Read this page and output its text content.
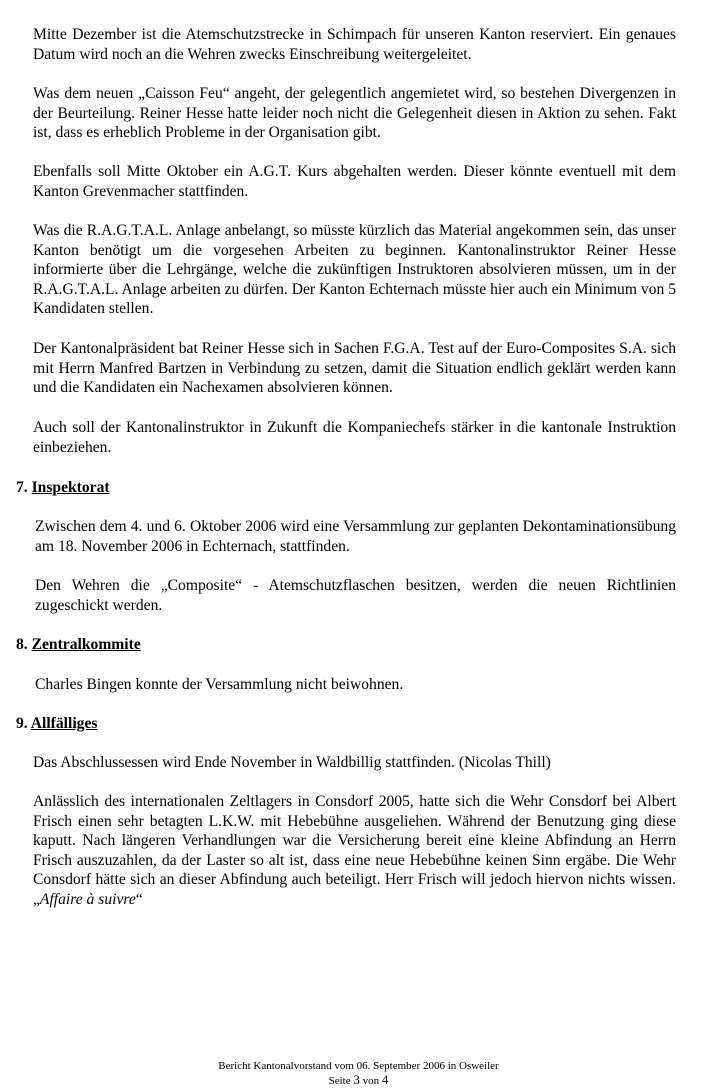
Mitte Dezember ist die Atemschutzstrecke in Schimpach für unseren Kanton reserviert. Ein genaues Datum wird noch an die Wehren zwecks Einschreibung weitergeleitet.

Was dem neuen „Caisson Feu“ angeht, der gelegentlich angemietet wird, so bestehen Divergenzen in der Beurteilung. Reiner Hesse hatte leider noch nicht die Gelegenheit diesen in Aktion zu sehen. Fakt ist, dass es erheblich Probleme in der Organisation gibt.

Ebenfalls soll Mitte Oktober ein A.G.T. Kurs abgehalten werden. Dieser könnte eventuell mit dem Kanton Grevenmacher stattfinden.

Was die R.A.G.T.A.L. Anlage anbelangt, so müsste kürzlich das Material angekommen sein, das unser Kanton benötigt um die vorgesehen Arbeiten zu beginnen. Kantonalinstruktor Reiner Hesse informierte über die Lehrgänge, welche die zukünftigen Instruktoren absolvieren müssen, um in der R.A.G.T.A.L. Anlage arbeiten zu dürfen. Der Kanton Echternach müsste hier auch ein Minimum von 5 Kandidaten stellen.

Der Kantonalpräsident bat Reiner Hesse sich in Sachen F.G.A. Test auf der Euro-Composites S.A. sich mit Herrn Manfred Bartzen in Verbindung zu setzen, damit die Situation endlich geklärt werden kann und die Kandidaten ein Nachexamen absolvieren können.

Auch soll der Kantonalinstruktor in Zukunft die Kompaniechefs stärker in die kantonale Instruktion einbeziehen.

7. Inspektorat

Zwischen dem 4. und 6. Oktober 2006 wird eine Versammlung zur geplanten Dekontaminationsübung am 18. November 2006 in Echternach, stattfinden.

Den Wehren die „Composite“ - Atemschutzflaschen besitzen, werden die neuen Richtlinien zugeschickt werden.

8. Zentralkommite

Charles Bingen konnte der Versammlung nicht beiwohnen.

9. Allfälliges

Das Abschlussessen wird Ende November in Waldbillig stattfinden. (Nicolas Thill)

Anlässlich des internationalen Zeltlagers in Consdorf 2005, hatte sich die Wehr Consdorf bei Albert Frisch einen sehr betagten L.K.W. mit Hebebühne ausgeliehen. Während der Benutzung ging diese kaputt. Nach längeren Verhandlungen war die Versicherung bereit eine kleine Abfindung an Herrn Frisch auszuzahlen, da der Laster so alt ist, dass eine neue Hebebühne keinen Sinn ergäbe. Die Wehr Consdorf hätte sich an dieser Abfindung auch beteiligt. Herr Frisch will jedoch hiervon nichts wissen. „Affaire à suivre“

Bericht Kantonalvorstand vom 06. September 2006 in Osweiler
Seite 3 von 4
